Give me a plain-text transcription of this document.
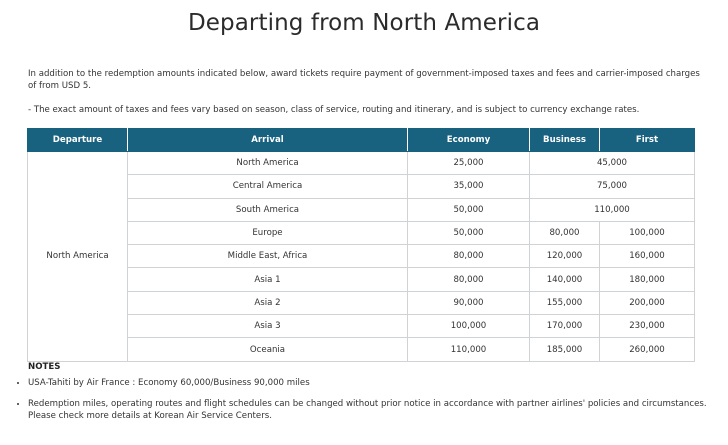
Departing from North America

In addition to the redemption amounts indicated below, award tickets require payment of government-imposed taxes and fees and carrier-imposed charges of from USD 5.

- The exact amount of taxes and fees vary based on season, class of service, routing and itinerary, and is subject to currency exchange rates.

Departure	Arrival	Economy	Business	First
North America	North America	25,000	45,000	
	Central America	35,000	75,000	
	South America	50,000	110,000	
	Europe	50,000	80,000	100,000
	Middle East, Africa	80,000	120,000	160,000
	Asia 1	80,000	140,000	180,000
	Asia 2	90,000	155,000	200,000
	Asia 3	100,000	170,000	230,000
	Oceania	110,000	185,000	260,000

NOTES

• USA-Tahiti by Air France : Economy 60,000/Business 90,000 miles
• Redemption miles, operating routes and flight schedules can be changed without prior notice in accordance with partner airlines' policies and circumstances. Please check more details at Korean Air Service Centers.
